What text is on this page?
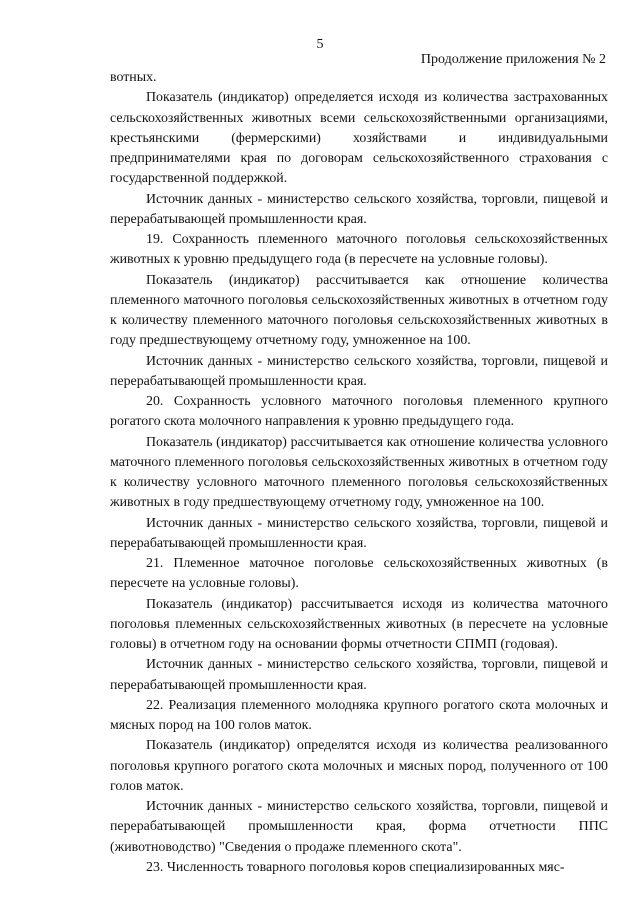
5
Продолжение приложения № 2

вотных.

Показатель (индикатор) определяется исходя из количества застрахованных сельскохозяйственных животных всеми сельскохозяйственными организациями, крестьянскими (фермерскими) хозяйствами и индивидуальными предпринимателями края по договорам сельскохозяйственного страхования с государственной поддержкой.

Источник данных - министерство сельского хозяйства, торговли, пищевой и перерабатывающей промышленности края.

19. Сохранность племенного маточного поголовья сельскохозяйственных животных к уровню предыдущего года (в пересчете на условные головы).

Показатель (индикатор) рассчитывается как отношение количества племенного маточного поголовья сельскохозяйственных животных в отчетном году к количеству племенного маточного поголовья сельскохозяйственных животных в году предшествующему отчетному году, умноженное на 100.

Источник данных - министерство сельского хозяйства, торговли, пищевой и перерабатывающей промышленности края.

20. Сохранность условного маточного поголовья племенного крупного рогатого скота молочного направления к уровню предыдущего года.

Показатель (индикатор) рассчитывается как отношение количества условного маточного племенного поголовья сельскохозяйственных животных в отчетном году к количеству условного маточного племенного поголовья сельскохозяйственных животных в году предшествующему отчетному году, умноженное на 100.

Источник данных - министерство сельского хозяйства, торговли, пищевой и перерабатывающей промышленности края.

21. Племенное маточное поголовье сельскохозяйственных животных (в пересчете на условные головы).

Показатель (индикатор) рассчитывается исходя из количества маточного поголовья племенных сельскохозяйственных животных (в пересчете на условные головы) в отчетном году на основании формы отчетности СПМП (годовая).

Источник данных - министерство сельского хозяйства, торговли, пищевой и перерабатывающей промышленности края.

22. Реализация племенного молодняка крупного рогатого скота молочных и мясных пород на 100 голов маток.

Показатель (индикатор) определятся исходя из количества реализованного поголовья крупного рогатого скота молочных и мясных пород, полученного от 100 голов маток.

Источник данных - министерство сельского хозяйства, торговли, пищевой и перерабатывающей промышленности края, форма отчетности ППС (животноводство) "Сведения о продаже племенного скота".

23. Численность товарного поголовья коров специализированных мяс-
